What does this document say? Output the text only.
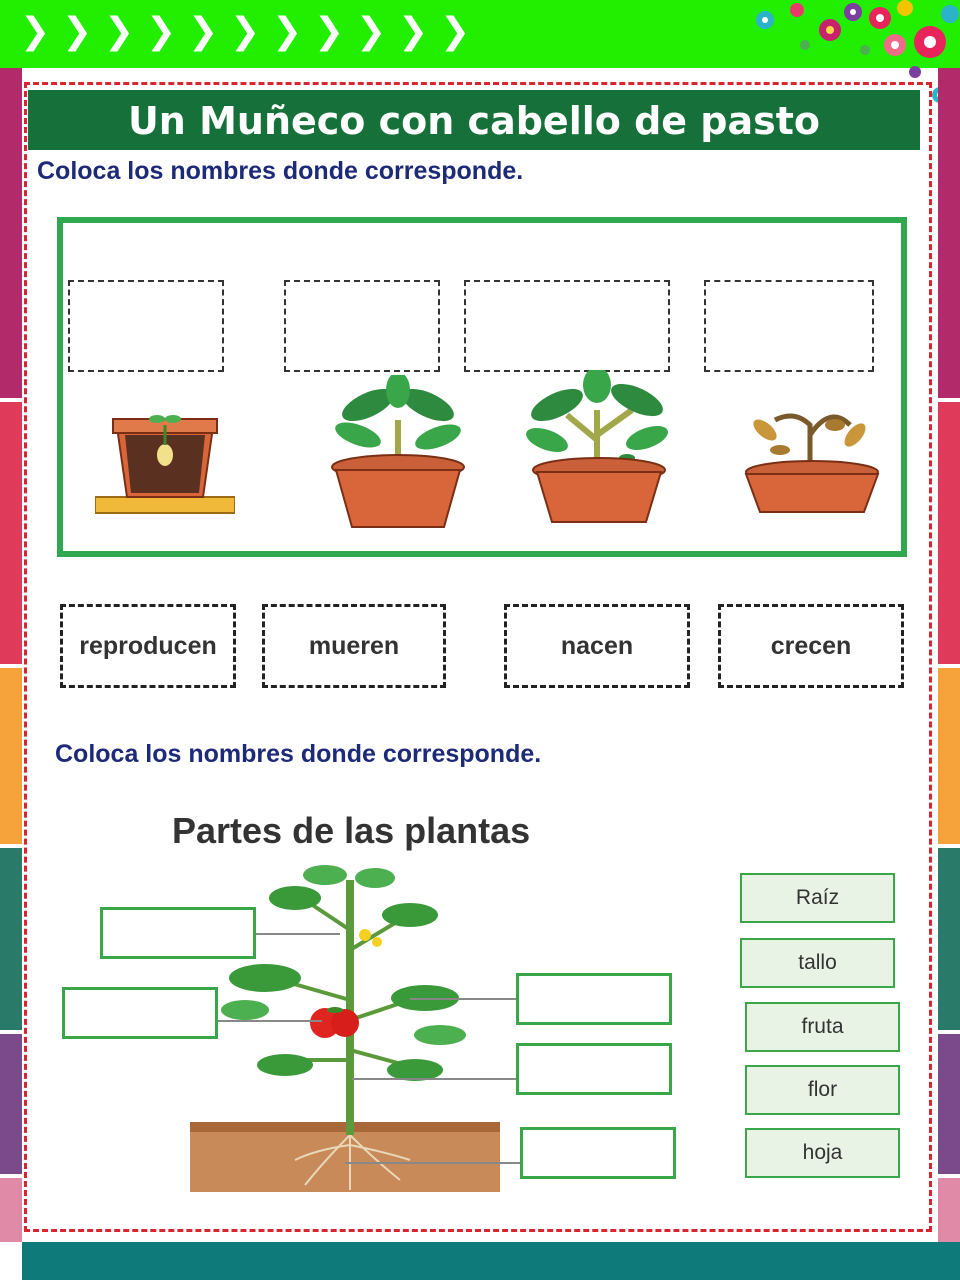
❯ ❯ ❯ ❯ ❯ ❯ ❯ ❯ ❯ ❯ ❯
Un Muñeco con cabello de pasto
Coloca los nombres donde corresponde.
reproducen	mueren	nacen	crecen
Coloca los nombres donde corresponde.
Partes de las plantas
Raíz
tallo
fruta
flor
hoja
